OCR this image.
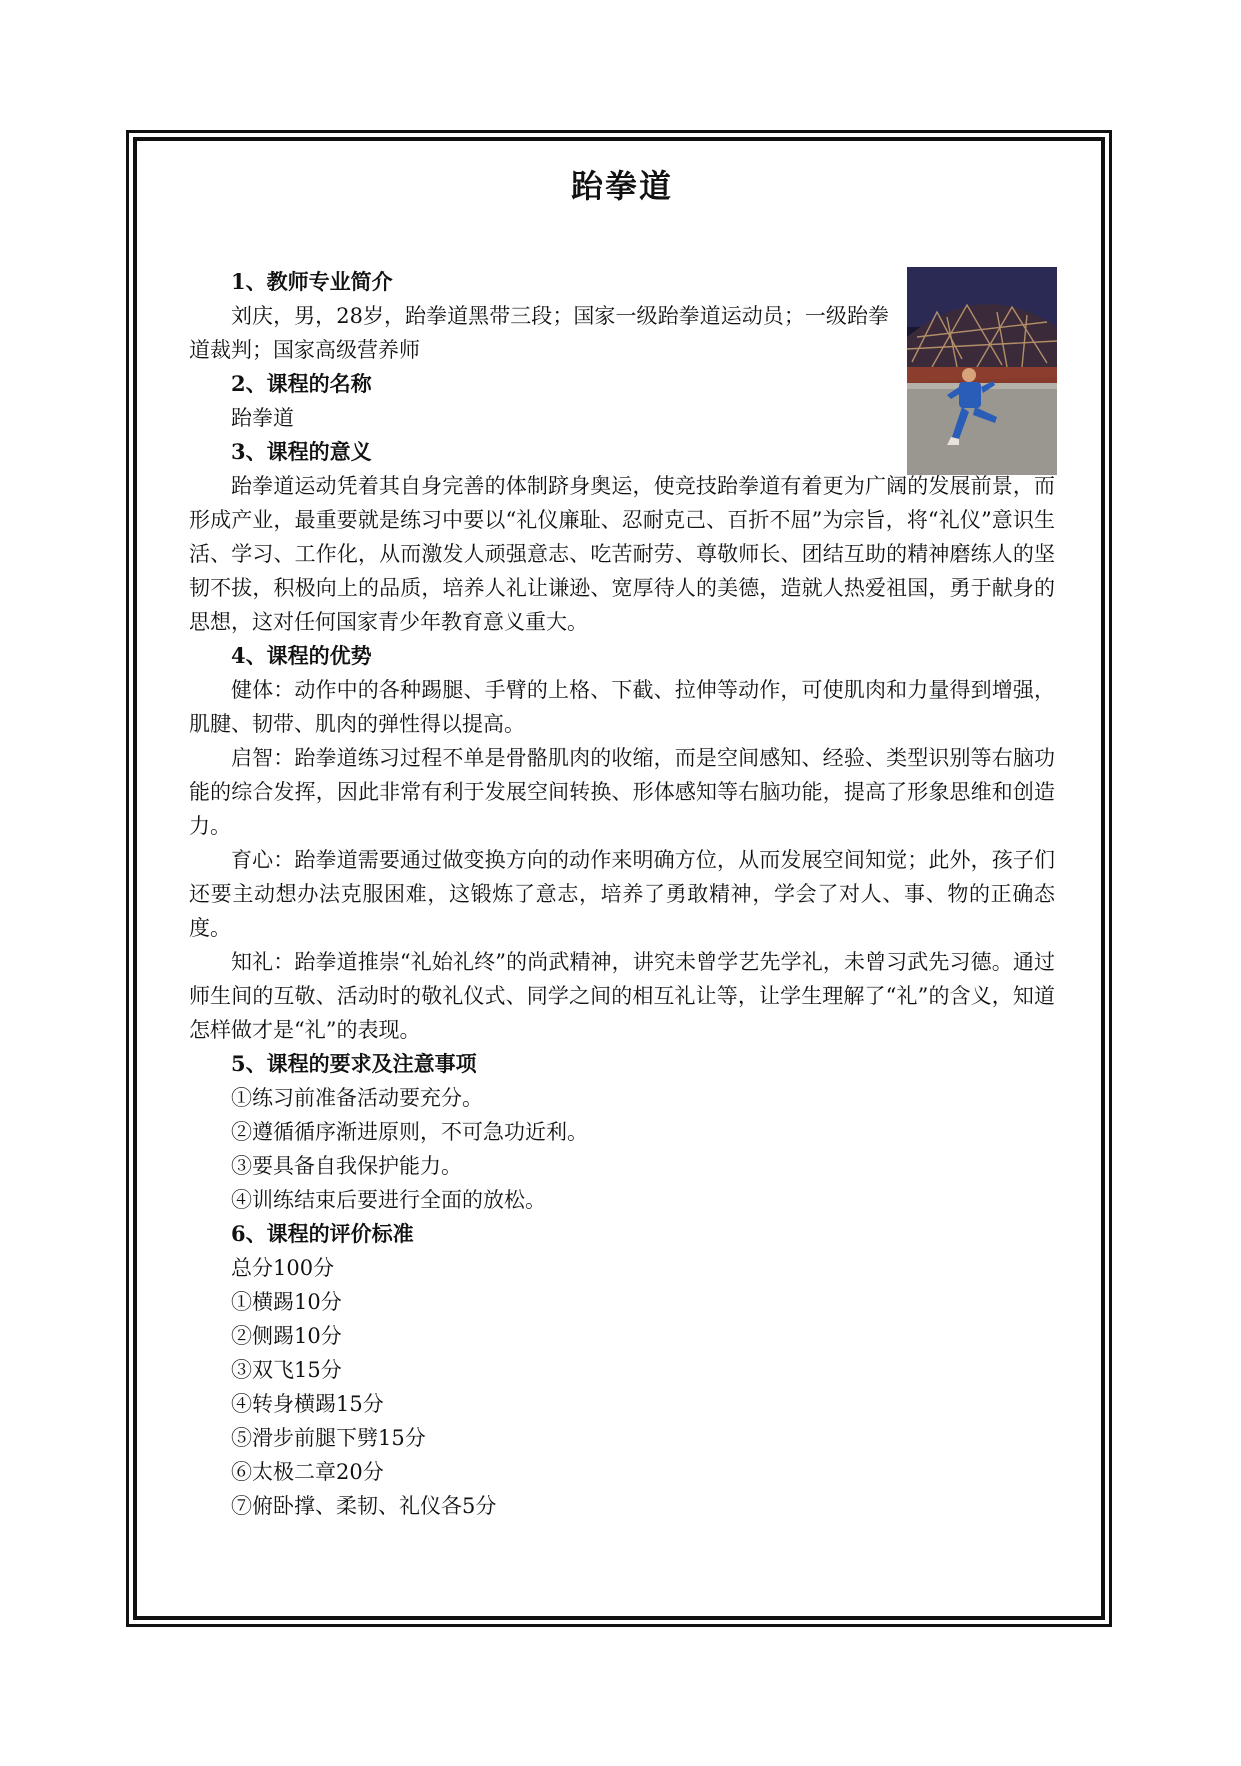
跆拳道

1、教师专业简介

刘庆，男，28岁，跆拳道黑带三段；国家一级跆拳道运动员；一级跆拳道裁判；国家高级营养师

2、课程的名称

跆拳道

3、课程的意义

跆拳道运动凭着其自身完善的体制跻身奥运，使竞技跆拳道有着更为广阔的发展前景，而形成产业，最重要就是练习中要以“礼仪廉耻、忍耐克己、百折不屈”为宗旨，将“礼仪”意识生活、学习、工作化，从而激发人顽强意志、吃苦耐劳、尊敬师长、团结互助的精神磨练人的坚韧不拔，积极向上的品质，培养人礼让谦逊、宽厚待人的美德，造就人热爱祖国，勇于献身的思想，这对任何国家青少年教育意义重大。

4、课程的优势

健体：动作中的各种踢腿、手臂的上格、下截、拉伸等动作，可使肌肉和力量得到增强，肌腱、韧带、肌肉的弹性得以提高。

启智：跆拳道练习过程不单是骨骼肌肉的收缩，而是空间感知、经验、类型识别等右脑功能的综合发挥，因此非常有利于发展空间转换、形体感知等右脑功能，提高了形象思维和创造力。

育心：跆拳道需要通过做变换方向的动作来明确方位，从而发展空间知觉；此外，孩子们还要主动想办法克服困难，这锻炼了意志，培养了勇敢精神，学会了对人、事、物的正确态度。

知礼：跆拳道推崇“礼始礼终”的尚武精神，讲究未曾学艺先学礼，未曾习武先习德。通过师生间的互敬、活动时的敬礼仪式、同学之间的相互礼让等，让学生理解了“礼”的含义，知道怎样做才是“礼”的表现。

5、课程的要求及注意事项

①练习前准备活动要充分。

②遵循循序渐进原则，不可急功近利。

③要具备自我保护能力。

④训练结束后要进行全面的放松。

6、课程的评价标准

总分100分

①横踢10分

②侧踢10分

③双飞15分

④转身横踢15分

⑤滑步前腿下劈15分

⑥太极二章20分

⑦俯卧撑、柔韧、礼仪各5分
